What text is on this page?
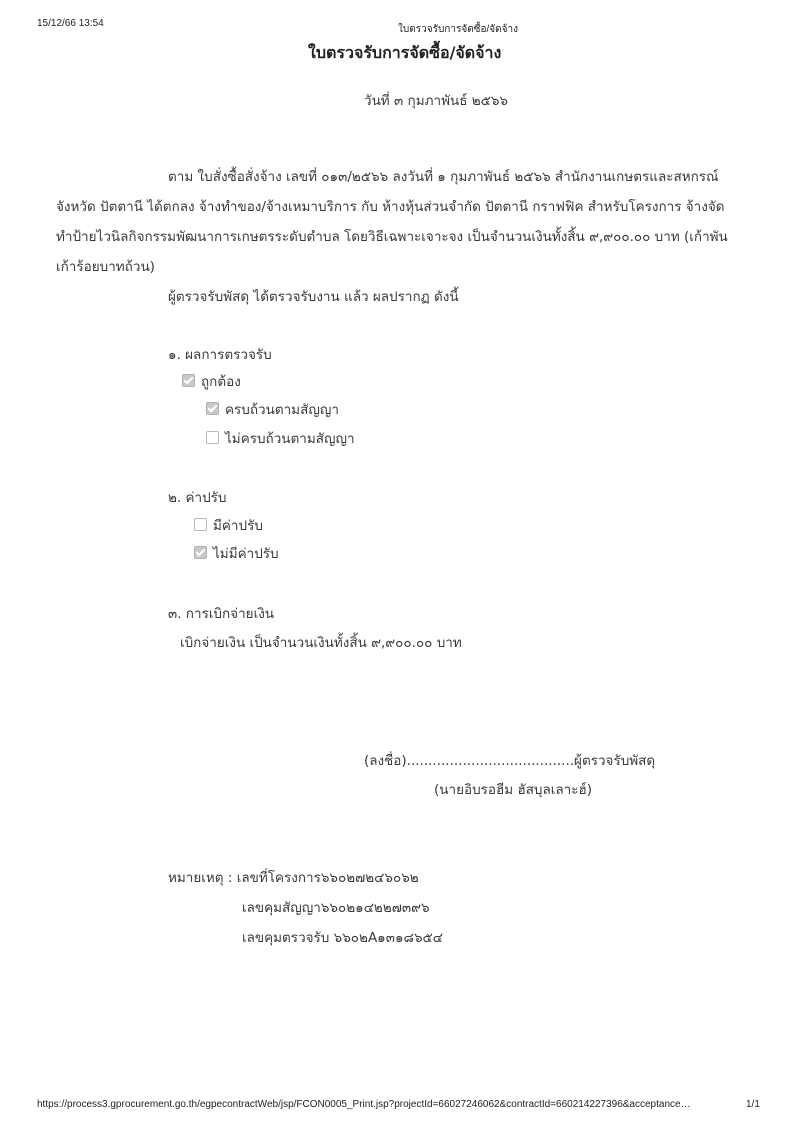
15/12/66 13:54
ใบตรวจรับการจัดซื้อ/จัดจ้าง
ใบตรวจรับการจัดซื้อ/จัดจ้าง
วันที่ ๓ กุมภาพันธ์ ๒๕๖๖
ตาม ใบสั่งซื้อสั่งจ้าง เลขที่ ๐๑๓/๒๕๖๖ ลงวันที่ ๑ กุมภาพันธ์ ๒๕๖๖ สำนักงานเกษตรและสหกรณ์
จังหวัด ปัตตานี ได้ตกลง จ้างทำของ/จ้างเหมาบริการ กับ ห้างหุ้นส่วนจำกัด ปัตตานี กราฟฟิค สำหรับโครงการ จ้างจัด
ทำป้ายไวนิลกิจกรรมพัฒนาการเกษตรระดับตำบล โดยวิธีเฉพาะเจาะจง เป็นจำนวนเงินทั้งสิ้น ๙,๙๐๐.๐๐ บาท (เก้าพัน
เก้าร้อยบาทถ้วน)
ผู้ตรวจรับพัสดุ ได้ตรวจรับงาน แล้ว ผลปรากฏ ดังนี้
๑. ผลการตรวจรับ
ถูกต้อง
ครบถ้วนตามสัญญา
ไม่ครบถ้วนตามสัญญา
๒. ค่าปรับ
มีค่าปรับ
ไม่มีค่าปรับ
๓. การเบิกจ่ายเงิน
เบิกจ่ายเงิน เป็นจำนวนเงินทั้งสิ้น ๙,๙๐๐.๐๐ บาท
(ลงชื่อ).......................................ผู้ตรวจรับพัสดุ
(นายอิบรอฮีม ฮัสบุลเลาะฮ์)
หมายเหตุ : เลขที่โครงการ๖๖๐๒๗๒๔๖๐๖๒
เลขคุมสัญญา๖๖๐๒๑๔๒๒๗๓๙๖
เลขคุมตรวจรับ ๖๖๐๒A๑๓๑๘๖๕๔
https://process3.gprocurement.go.th/egpecontractWeb/jsp/FCON0005_Print.jsp?projectId=66027246062&contractId=660214227396&acceptance…	1/1
